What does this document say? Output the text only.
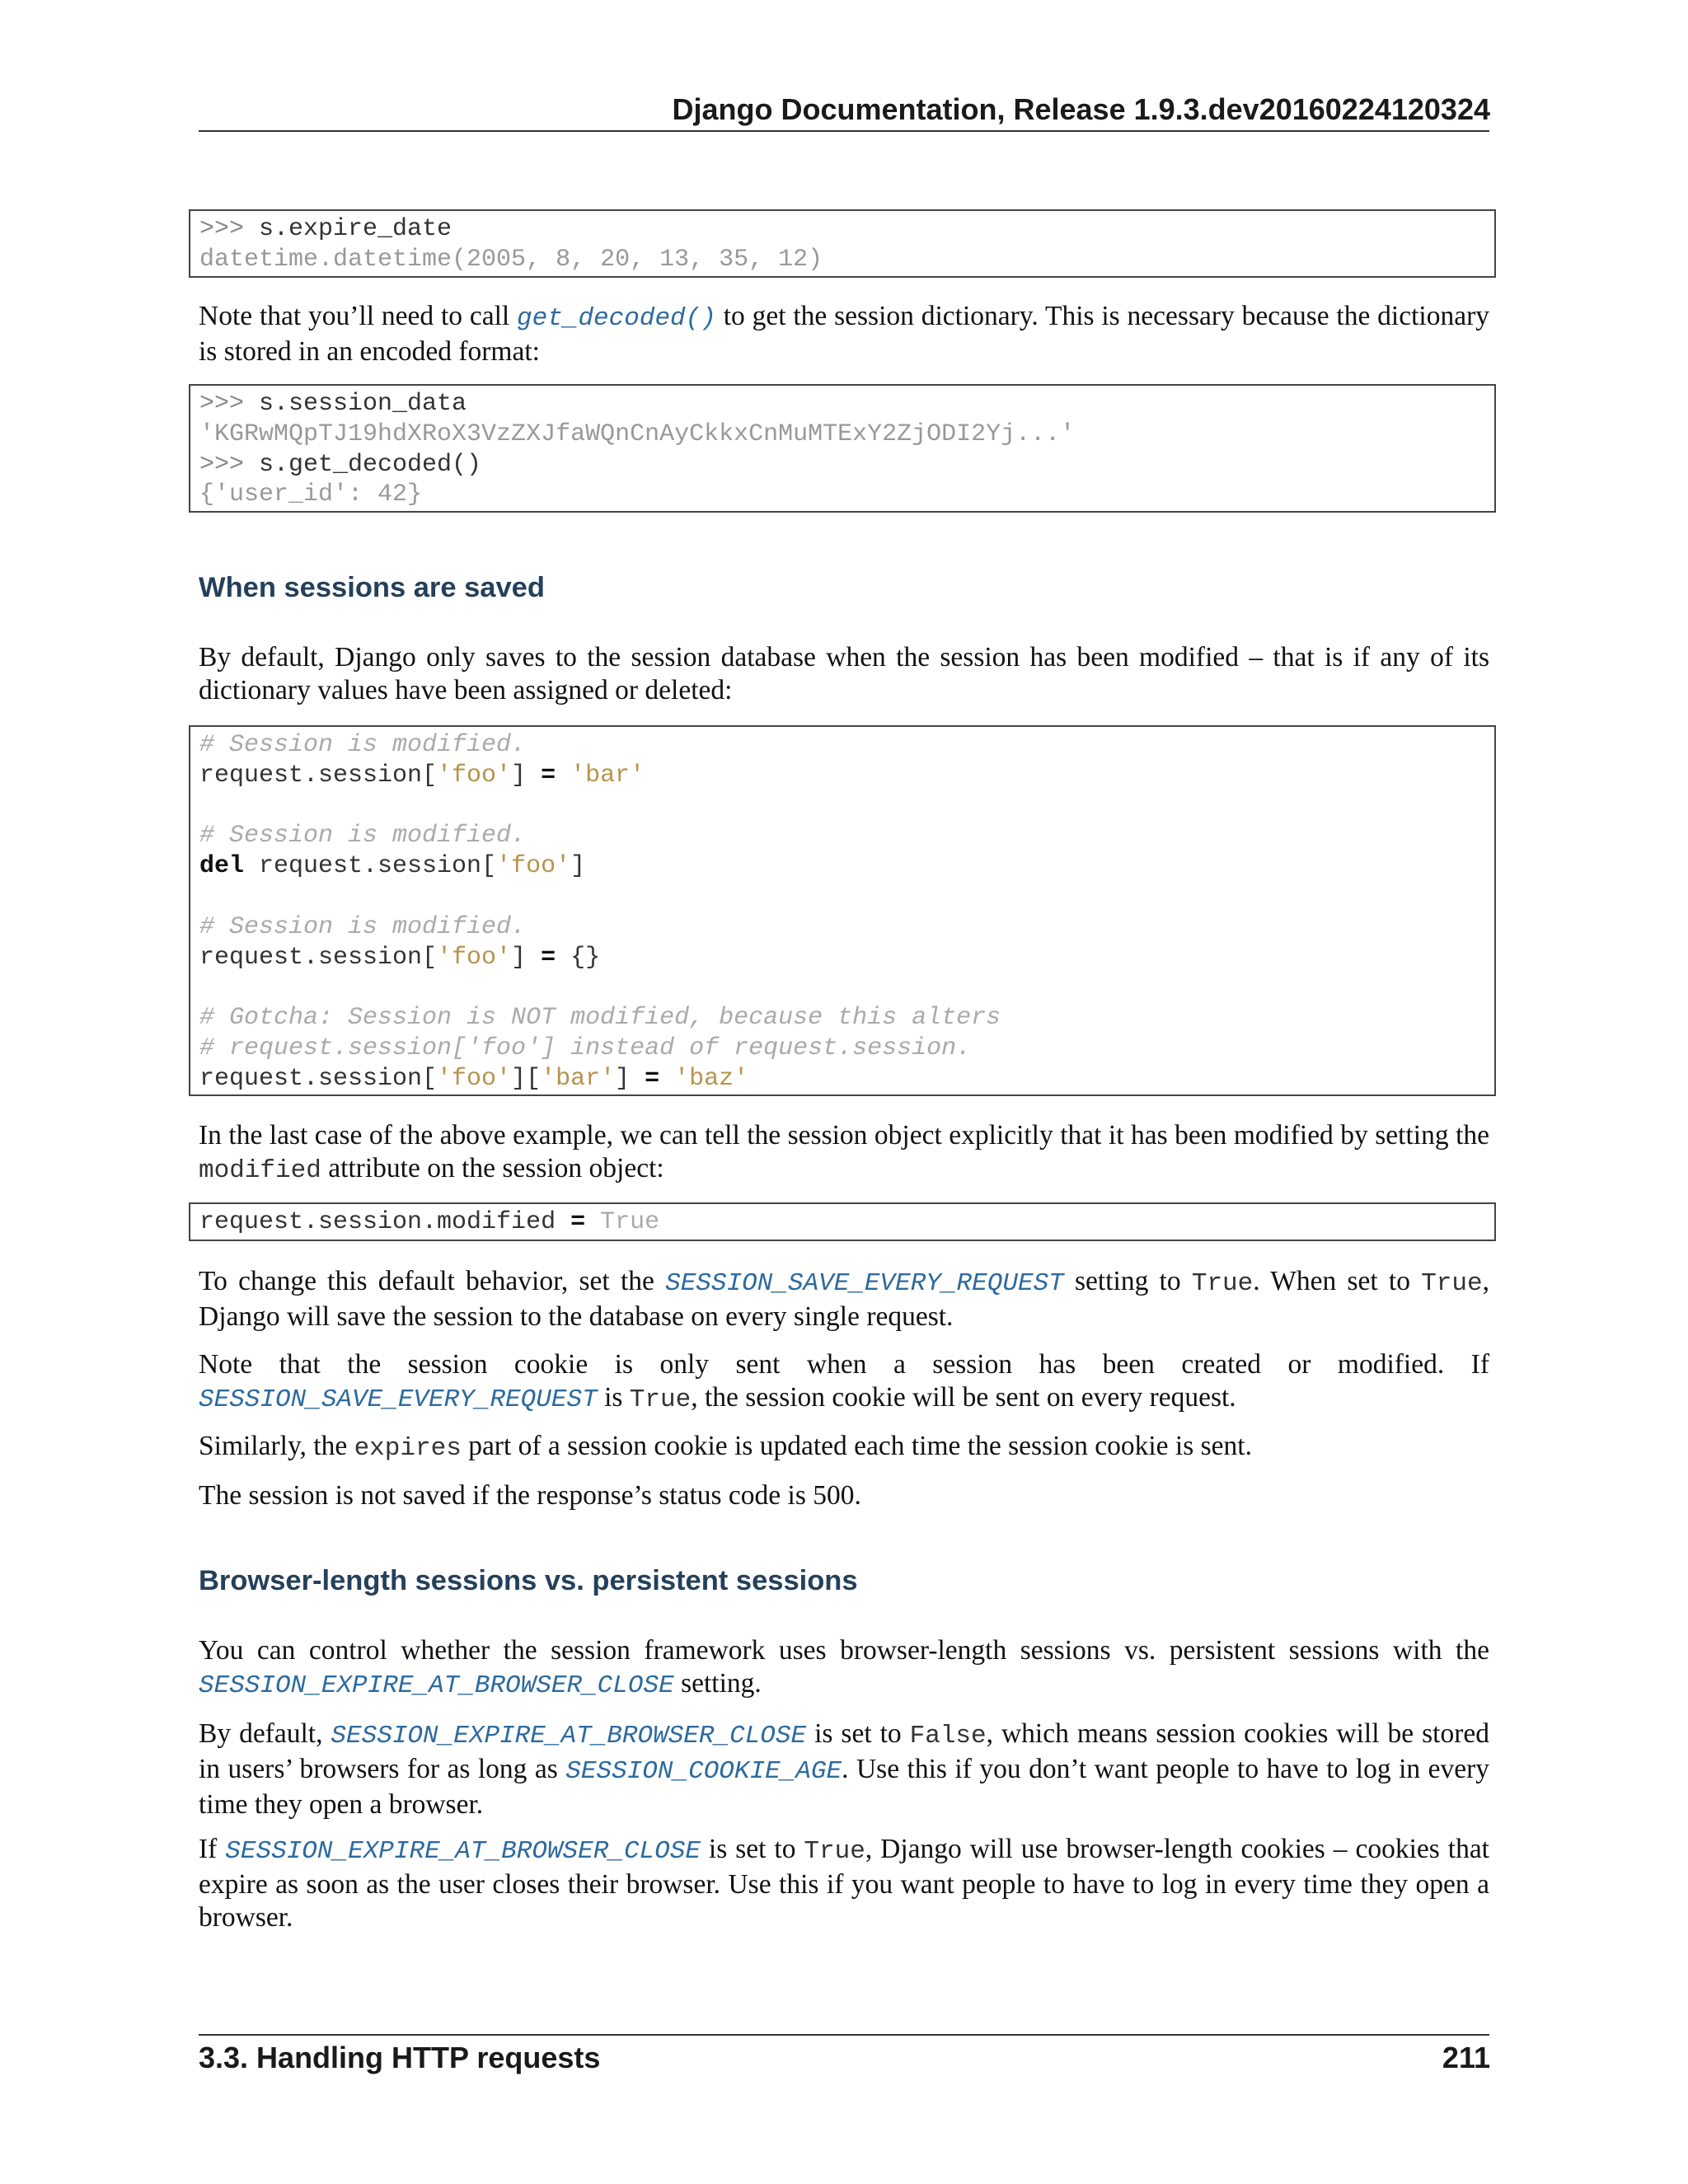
Django Documentation, Release 1.9.3.dev20160224120324
>>> s.expire_date
datetime.datetime(2005, 8, 20, 13, 35, 12)
Note that you’ll need to call get_decoded() to get the session dictionary. This is necessary because the dictionary is stored in an encoded format:
>>> s.session_data
'KGRwMQpTJ19hdXRoX3VzZXJfaWQnCnAyCkkxCnMuMTExY2ZjODI2Yj...'
>>> s.get_decoded()
{'user_id': 42}
When sessions are saved
By default, Django only saves to the session database when the session has been modified – that is if any of its dictionary values have been assigned or deleted:
# Session is modified.
request.session['foo'] = 'bar'

# Session is modified.
del request.session['foo']

# Session is modified.
request.session['foo'] = {}

# Gotcha: Session is NOT modified, because this alters
# request.session['foo'] instead of request.session.
request.session['foo']['bar'] = 'baz'
In the last case of the above example, we can tell the session object explicitly that it has been modified by setting the modified attribute on the session object:
request.session.modified = True
To change this default behavior, set the SESSION_SAVE_EVERY_REQUEST setting to True. When set to True, Django will save the session to the database on every single request.
Note that the session cookie is only sent when a session has been created or modified. If SESSION_SAVE_EVERY_REQUEST is True, the session cookie will be sent on every request.
Similarly, the expires part of a session cookie is updated each time the session cookie is sent.
The session is not saved if the response’s status code is 500.
Browser-length sessions vs. persistent sessions
You can control whether the session framework uses browser-length sessions vs. persistent sessions with the SESSION_EXPIRE_AT_BROWSER_CLOSE setting.
By default, SESSION_EXPIRE_AT_BROWSER_CLOSE is set to False, which means session cookies will be stored in users’ browsers for as long as SESSION_COOKIE_AGE. Use this if you don’t want people to have to log in every time they open a browser.
If SESSION_EXPIRE_AT_BROWSER_CLOSE is set to True, Django will use browser-length cookies – cookies that expire as soon as the user closes their browser. Use this if you want people to have to log in every time they open a browser.
3.3. Handling HTTP requests	211
